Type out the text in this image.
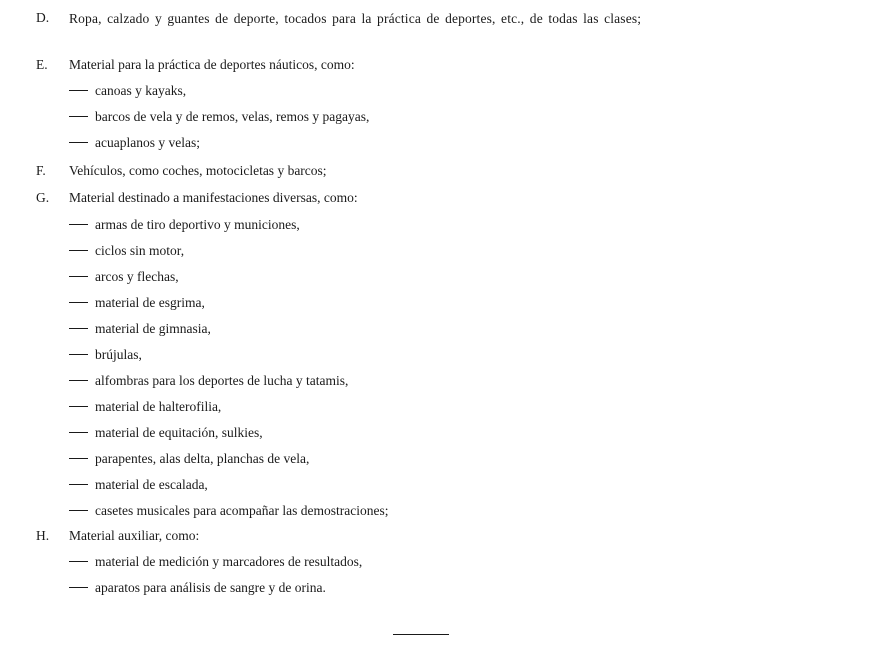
D. Ropa, calzado y guantes de deporte, tocados para la práctica de deportes, etc., de todas las clases;
E. Material para la práctica de deportes náuticos, como:
canoas y kayaks,
barcos de vela y de remos, velas, remos y pagayas,
acuaplanos y velas;
F. Vehículos, como coches, motocicletas y barcos;
G. Material destinado a manifestaciones diversas, como:
armas de tiro deportivo y municiones,
ciclos sin motor,
arcos y flechas,
material de esgrima,
material de gimnasia,
brújulas,
alfombras para los deportes de lucha y tatamis,
material de halterofilia,
material de equitación, sulkies,
parapentes, alas delta, planchas de vela,
material de escalada,
casetes musicales para acompañar las demostraciones;
H. Material auxiliar, como:
material de medición y marcadores de resultados,
aparatos para análisis de sangre y de orina.
